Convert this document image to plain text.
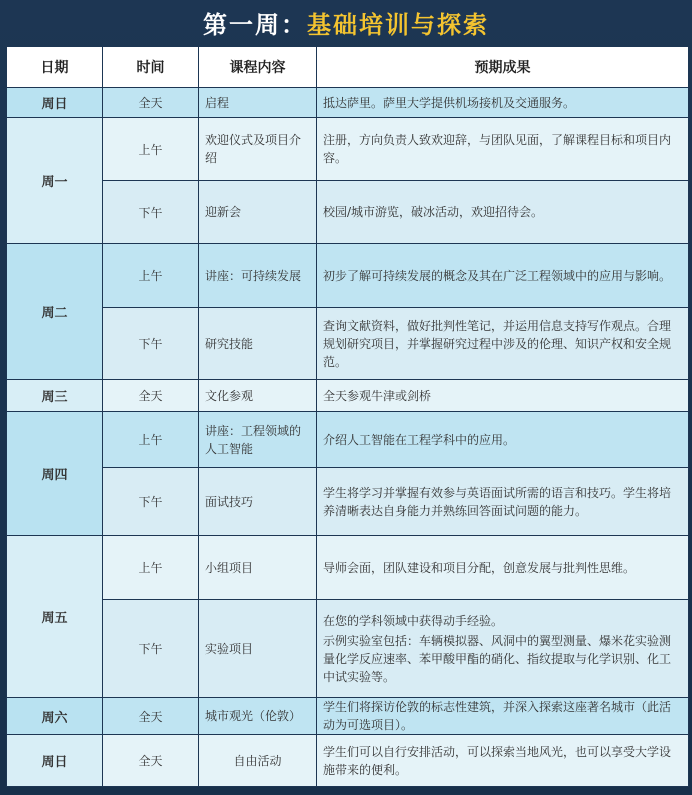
第一周： 基础培训与探索
日期	时间	课程内容	预期成果
周日	全天	启程	抵达萨里。萨里大学提供机场接机及交通服务。
周一	上午	欢迎仪式及项目介绍	注册，方向负责人致欢迎辞，与团队见面，了解课程目标和项目内容。
	下午	迎新会	校园/城市游览，破冰活动，欢迎招待会。
周二	上午	讲座：可持续发展	初步了解可持续发展的概念及其在广泛工程领域中的应用与影响。
	下午	研究技能	查询文献资料，做好批判性笔记，并运用信息支持写作观点。合理规划研究项目，并掌握研究过程中涉及的伦理、知识产权和安全规范。
周三	全天	文化参观	全天参观牛津或剑桥
周四	上午	讲座：工程领域的人工智能	介绍人工智能在工程学科中的应用。
	下午	面试技巧	学生将学习并掌握有效参与英语面试所需的语言和技巧。学生将培养清晰表达自身能力并熟练回答面试问题的能力。
周五	上午	小组项目	导师会面，团队建设和项目分配，创意发展与批判性思维。
	下午	实验项目	在您的学科领域中获得动手经验。
示例实验室包括：车辆模拟器、风洞中的翼型测量、爆米花实验测量化学反应速率、苯甲酸甲酯的硝化、指纹提取与化学识别、化工中试实验等。

周六	全天	城市观光（伦敦）	学生们将探访伦敦的标志性建筑，并深入探索这座著名城市（此活动为可选项目）。
周日	全天	自由活动	学生们可以自行安排活动，可以探索当地风光，也可以享受大学设施带来的便利。
